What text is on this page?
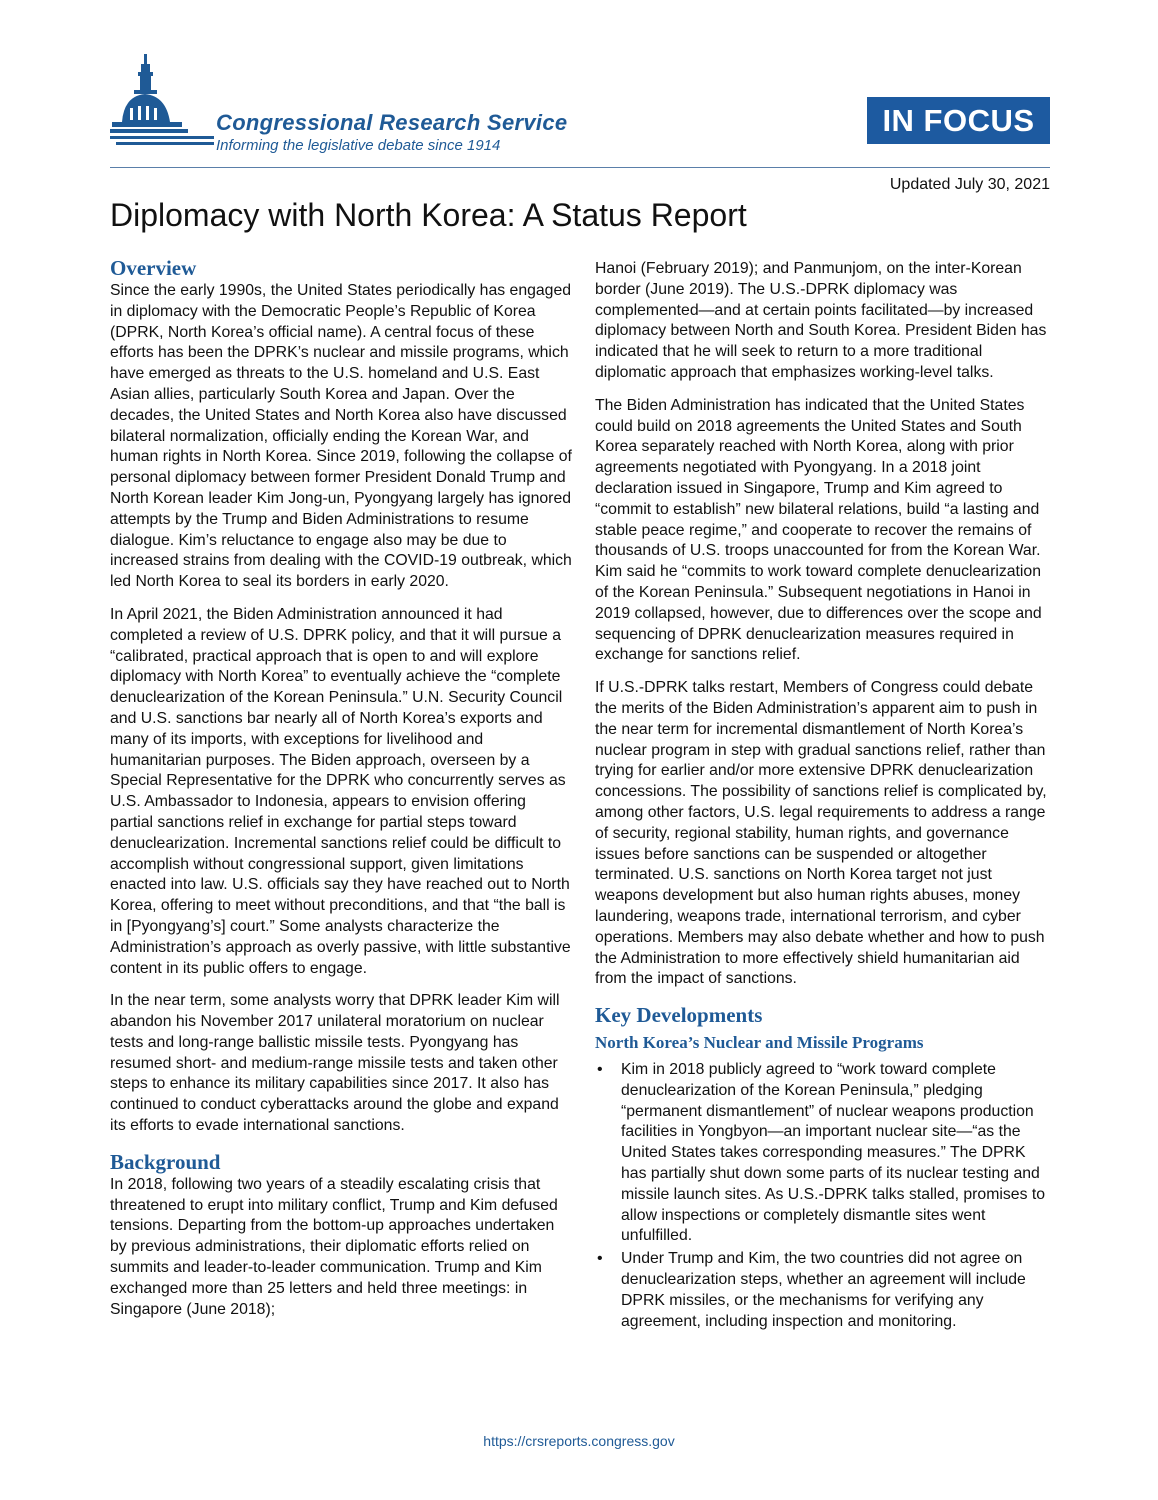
Congressional Research Service
Informing the legislative debate since 1914
IN FOCUS
Updated July 30, 2021
Diplomacy with North Korea: A Status Report
Overview

Since the early 1990s, the United States periodically has engaged in diplomacy with the Democratic People’s Republic of Korea (DPRK, North Korea’s official name). A central focus of these efforts has been the DPRK’s nuclear and missile programs, which have emerged as threats to the U.S. homeland and U.S. East Asian allies, particularly South Korea and Japan. Over the decades, the United States and North Korea also have discussed bilateral normalization, officially ending the Korean War, and human rights in North Korea. Since 2019, following the collapse of personal diplomacy between former President Donald Trump and North Korean leader Kim Jong-un, Pyongyang largely has ignored attempts by the Trump and Biden Administrations to resume dialogue. Kim’s reluctance to engage also may be due to increased strains from dealing with the COVID-19 outbreak, which led North Korea to seal its borders in early 2020.

In April 2021, the Biden Administration announced it had completed a review of U.S. DPRK policy, and that it will pursue a “calibrated, practical approach that is open to and will explore diplomacy with North Korea” to eventually achieve the “complete denuclearization of the Korean Peninsula.” U.N. Security Council and U.S. sanctions bar nearly all of North Korea’s exports and many of its imports, with exceptions for livelihood and humanitarian purposes. The Biden approach, overseen by a Special Representative for the DPRK who concurrently serves as U.S. Ambassador to Indonesia, appears to envision offering partial sanctions relief in exchange for partial steps toward denuclearization. Incremental sanctions relief could be difficult to accomplish without congressional support, given limitations enacted into law. U.S. officials say they have reached out to North Korea, offering to meet without preconditions, and that “the ball is in [Pyongyang’s] court.” Some analysts characterize the Administration’s approach as overly passive, with little substantive content in its public offers to engage.

In the near term, some analysts worry that DPRK leader Kim will abandon his November 2017 unilateral moratorium on nuclear tests and long-range ballistic missile tests. Pyongyang has resumed short- and medium-range missile tests and taken other steps to enhance its military capabilities since 2017. It also has continued to conduct cyberattacks around the globe and expand its efforts to evade international sanctions.

Background

In 2018, following two years of a steadily escalating crisis that threatened to erupt into military conflict, Trump and Kim defused tensions. Departing from the bottom-up approaches undertaken by previous administrations, their diplomatic efforts relied on summits and leader-to-leader communication. Trump and Kim exchanged more than 25 letters and held three meetings: in Singapore (June 2018);

Hanoi (February 2019); and Panmunjom, on the inter-Korean border (June 2019). The U.S.-DPRK diplomacy was complemented—and at certain points facilitated—by increased diplomacy between North and South Korea. President Biden has indicated that he will seek to return to a more traditional diplomatic approach that emphasizes working-level talks.

The Biden Administration has indicated that the United States could build on 2018 agreements the United States and South Korea separately reached with North Korea, along with prior agreements negotiated with Pyongyang. In a 2018 joint declaration issued in Singapore, Trump and Kim agreed to “commit to establish” new bilateral relations, build “a lasting and stable peace regime,” and cooperate to recover the remains of thousands of U.S. troops unaccounted for from the Korean War. Kim said he “commits to work toward complete denuclearization of the Korean Peninsula.” Subsequent negotiations in Hanoi in 2019 collapsed, however, due to differences over the scope and sequencing of DPRK denuclearization measures required in exchange for sanctions relief.

If U.S.-DPRK talks restart, Members of Congress could debate the merits of the Biden Administration’s apparent aim to push in the near term for incremental dismantlement of North Korea’s nuclear program in step with gradual sanctions relief, rather than trying for earlier and/or more extensive DPRK denuclearization concessions. The possibility of sanctions relief is complicated by, among other factors, U.S. legal requirements to address a range of security, regional stability, human rights, and governance issues before sanctions can be suspended or altogether terminated. U.S. sanctions on North Korea target not just weapons development but also human rights abuses, money laundering, weapons trade, international terrorism, and cyber operations. Members may also debate whether and how to push the Administration to more effectively shield humanitarian aid from the impact of sanctions.

Key Developments
North Korea’s Nuclear and Missile Programs
• Kim in 2018 publicly agreed to “work toward complete denuclearization of the Korean Peninsula,” pledging “permanent dismantlement” of nuclear weapons production facilities in Yongbyon—an important nuclear site—“as the United States takes corresponding measures.” The DPRK has partially shut down some parts of its nuclear testing and missile launch sites. As U.S.-DPRK talks stalled, promises to allow inspections or completely dismantle sites went unfulfilled.
• Under Trump and Kim, the two countries did not agree on denuclearization steps, whether an agreement will include DPRK missiles, or the mechanisms for verifying any agreement, including inspection and monitoring.
https://crsreports.congress.gov
